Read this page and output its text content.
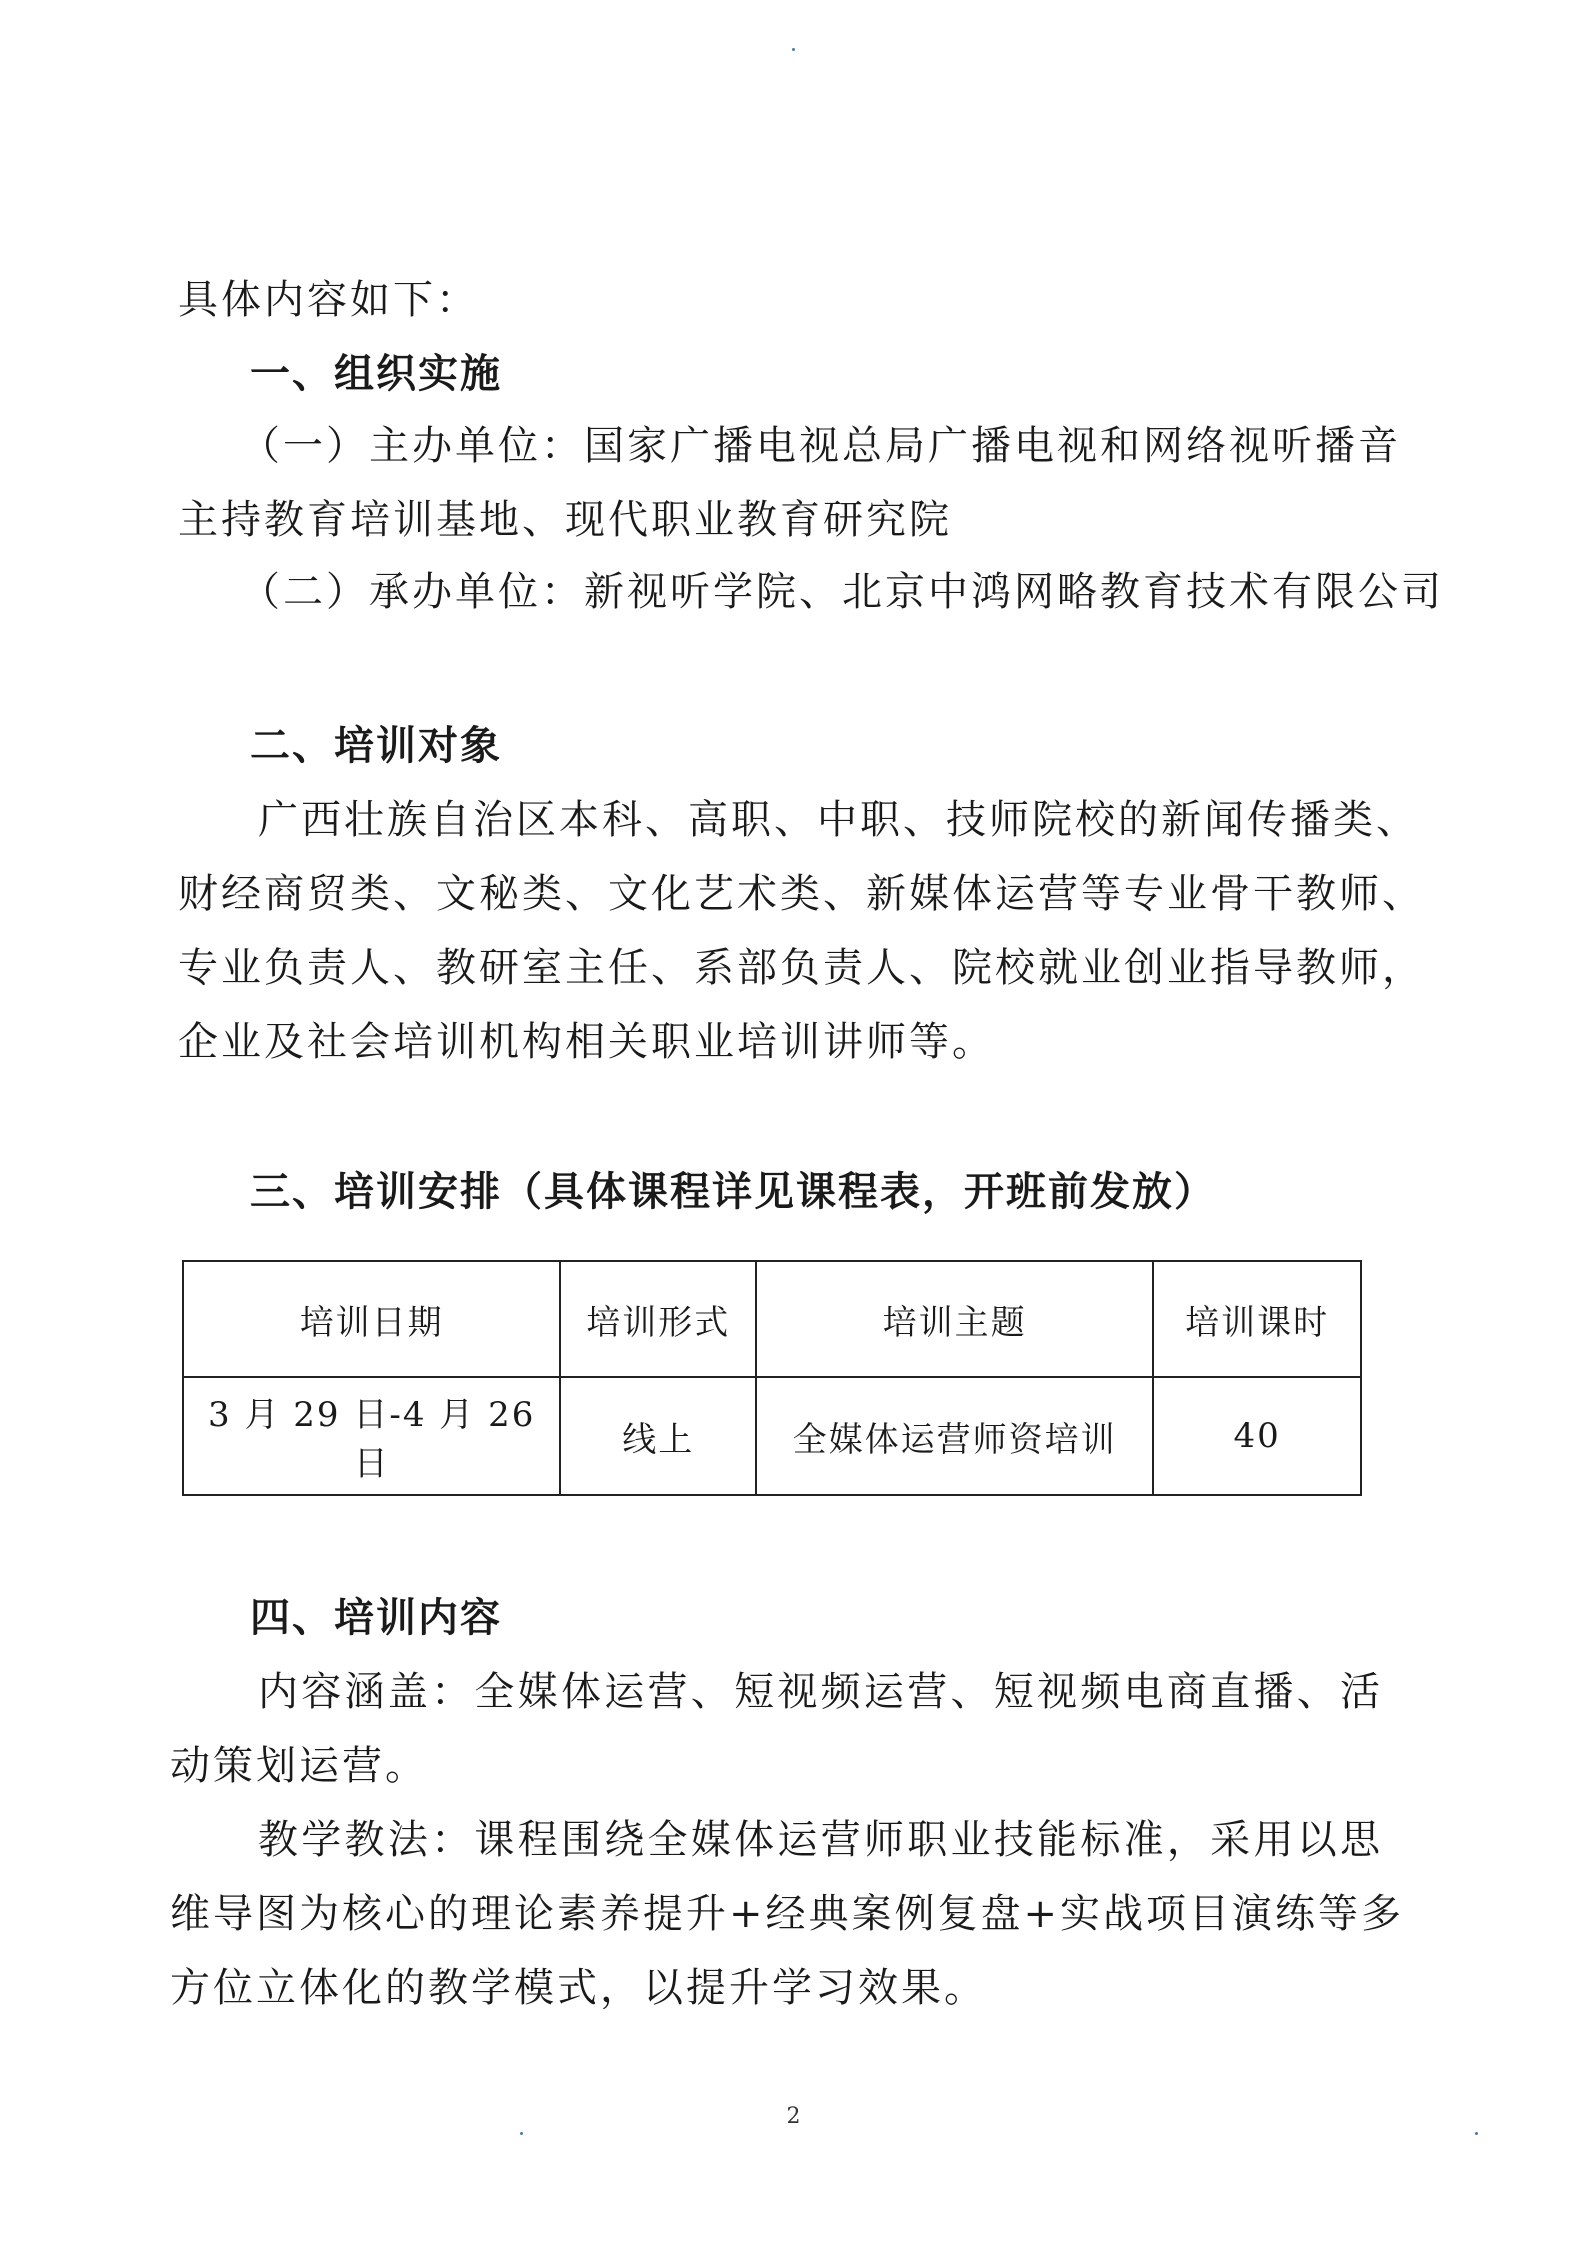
具体内容如下：
一、组织实施
（一）主办单位：国家广播电视总局广播电视和网络视听播音
主持教育培训基地、现代职业教育研究院
（二）承办单位：新视听学院、北京中鸿网略教育技术有限公司
二、培训对象
广西壮族自治区本科、高职、中职、技师院校的新闻传播类、
财经商贸类、文秘类、文化艺术类、新媒体运营等专业骨干教师、
专业负责人、教研室主任、系部负责人、院校就业创业指导教师，
企业及社会培训机构相关职业培训讲师等。
三、培训安排（具体课程详见课程表，开班前发放）
培训日期	培训形式	培训主题	培训课时
3 月 29 日-4 月 26 日	线上	全媒体运营师资培训	40
四、培训内容
内容涵盖：全媒体运营、短视频运营、短视频电商直播、活
动策划运营。
教学教法：课程围绕全媒体运营师职业技能标准，采用以思
维导图为核心的理论素养提升+经典案例复盘+实战项目演练等多
方位立体化的教学模式，以提升学习效果。
2
